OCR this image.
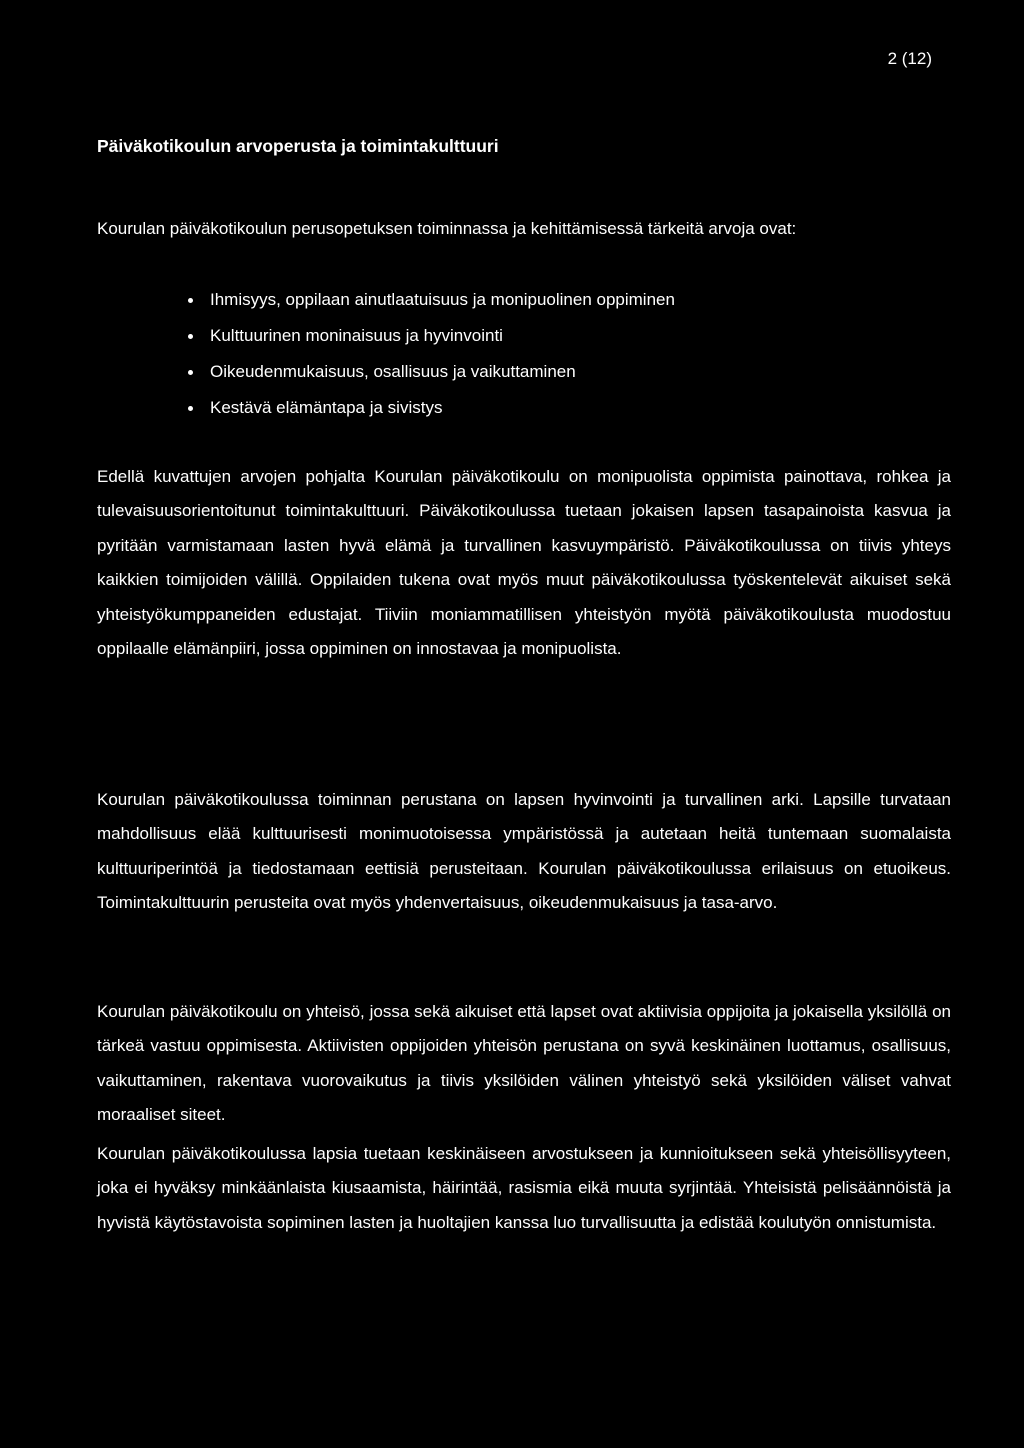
2 (12)
Päiväkotikoulun arvoperusta ja toimintakulttuuri

Kourulan päiväkotikoulun perusopetuksen toiminnassa ja kehittämisessä tärkeitä arvoja ovat:

Ihmisyys, oppilaan ainutlaatuisuus ja monipuolinen oppiminen
Kulttuurinen moninaisuus ja hyvinvointi
Oikeudenmukaisuus, osallisuus ja vaikuttaminen
Kestävä elämäntapa ja sivistys

Edellä kuvattujen arvojen pohjalta Kourulan päiväkotikoulu on monipuolista oppimista painottava, rohkea ja tulevaisuusorientoitunut toimintakulttuuri. Päiväkotikoulussa tuetaan jokaisen lapsen tasapainoista kasvua ja pyritään varmistamaan lasten hyvä elämä ja turvallinen kasvuympäristö. Päiväkotikoulussa on tiivis yhteys kaikkien toimijoiden välillä. Oppilaiden tukena ovat myös muut päiväkotikoulussa työskentelevät aikuiset sekä yhteistyökumppaneiden edustajat. Tiiviin moniammatillisen yhteistyön myötä päiväkotikoulusta muodostuu oppilaalle elämänpiiri, jossa oppiminen on innostavaa ja monipuolista.

Kourulan päiväkotikoulussa toiminnan perustana on lapsen hyvinvointi ja turvallinen arki. Lapsille turvataan mahdollisuus elää kulttuurisesti monimuotoisessa ympäristössä ja autetaan heitä tuntemaan suomalaista kulttuuriperintöä ja tiedostamaan eettisiä perusteitaan. Kourulan päiväkotikoulussa erilaisuus on etuoikeus. Toimintakulttuurin perusteita ovat myös yhdenvertaisuus, oikeudenmukaisuus ja tasa-arvo.

Kourulan päiväkotikoulu on yhteisö, jossa sekä aikuiset että lapset ovat aktiivisia oppijoita ja jokaisella yksilöllä on tärkeä vastuu oppimisesta. Aktiivisten oppijoiden yhteisön perustana on syvä keskinäinen luottamus, osallisuus, vaikuttaminen, rakentava vuorovaikutus ja tiivis yksilöiden välinen yhteistyö sekä yksilöiden väliset vahvat moraaliset siteet.

Kourulan päiväkotikoulussa lapsia tuetaan keskinäiseen arvostukseen ja kunnioitukseen sekä yhteisöllisyyteen, joka ei hyväksy minkäänlaista kiusaamista, häirintää, rasismia eikä muuta syrjintää. Yhteisistä pelisäännöistä ja hyvistä käytöstavoista sopiminen lasten ja huoltajien kanssa luo turvallisuutta ja edistää koulutyön onnistumista.
